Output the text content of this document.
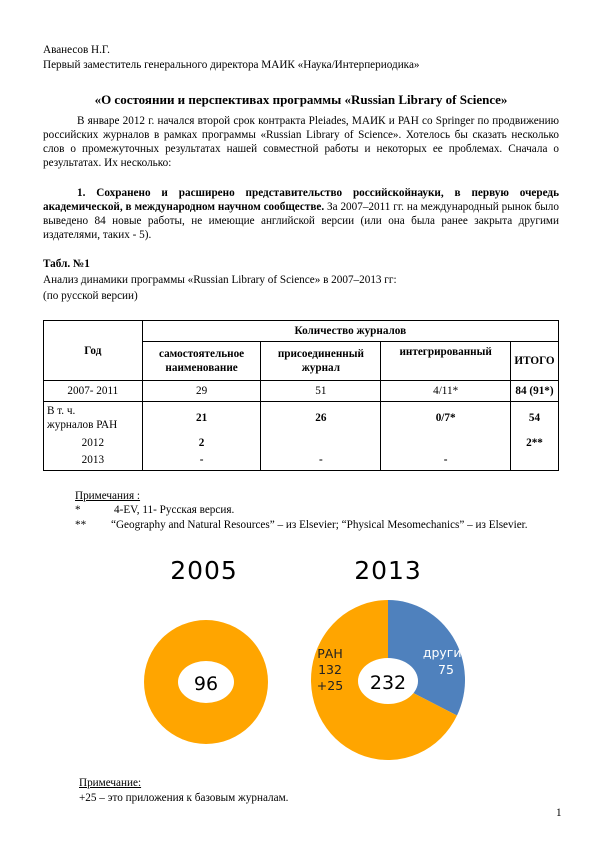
Аванесов Н.Г.
Первый заместитель генерального директора МАИК «Наука/Интерпериодика»
«О состоянии и перспективах программы «Russian Library of Science»
В январе 2012 г. начался второй срок контракта Pleiades, МАИК и РАН со Springer по продвижению российских журналов в рамках программы «Russian Library of Science». Хотелось бы сказать несколько слов о промежуточных результатах нашей совместной работы и некоторых ее проблемах. Сначала о результатах. Их несколько:
1. Сохранено и расширено представительство российскойнауки, в первую очередь академической, в международном научном сообществе. За 2007–2011 гг. на международный рынок было выведено 84 новые работы, не имеющие английской версии (или она была ранее закрыта другими издателями, таких - 5).
Табл. №1
Анализ динамики программы «Russian Library of Science» в 2007–2013 гг:
(по русской версии)
Год	Количество журналов			
	самостоятельное наименование	присоединенный журнал	интегрированный	ИТОГО
2007- 2011	29	51	4/11*	84 (91*)

В т. ч.
журналов РАН	21	26	0/7*	54
2012	2			2**
2013	-	-	-	
Примечания :
*	4-EV, 11- Русская версия.
** “Geography and Natural Resources” – из Elsevier; “Physical Mesomechanics” – из Elsevier.
2005	2013
96	232
РАН
132
+25
другие
75
Примечание:
+25 – это приложения к базовым журналам.
1
